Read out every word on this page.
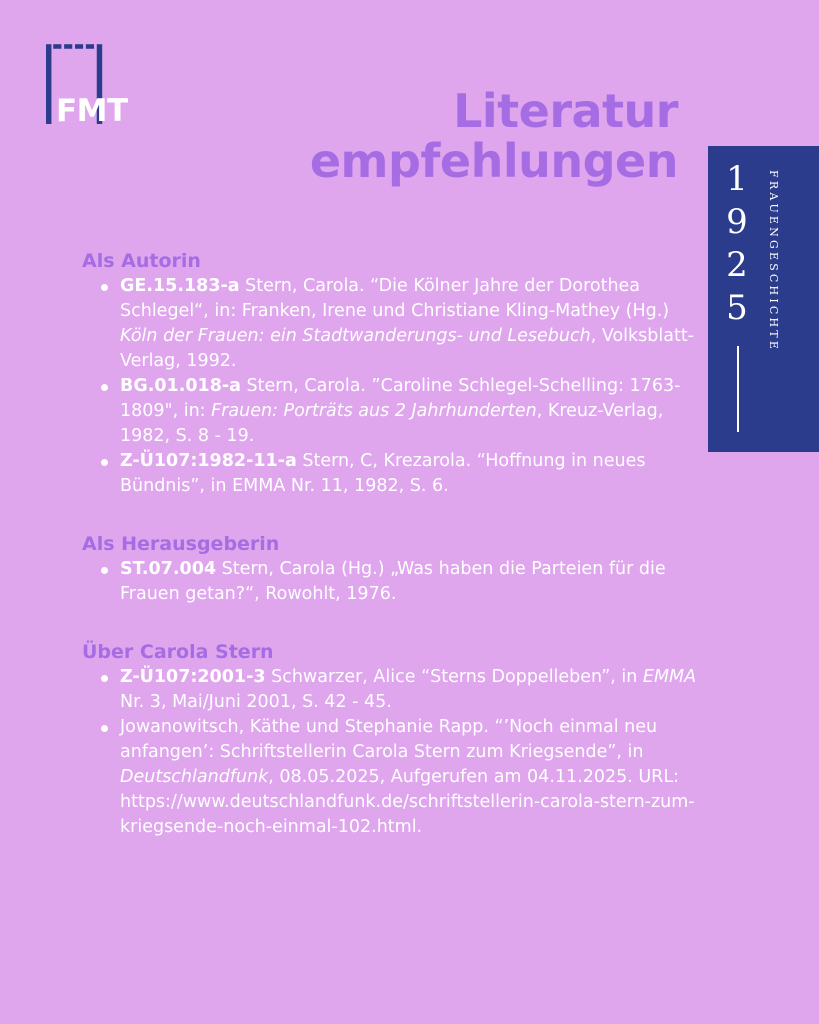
FMT	Literatur
empfehlungen 1
9
2
5	FRAUENGESCHICHTE
Als Autorin
GE.15.183-a Stern, Carola. “Die Kölner Jahre der Dorothea Schlegel“, in: Franken, Irene und Christiane Kling-Mathey (Hg.) Köln der Frauen: ein Stadtwanderungs- und Lesebuch, Volksblatt-Verlag, 1992.
BG.01.018-a Stern, Carola. ”Caroline Schlegel-Schelling: 1763-1809", in: Frauen: Porträts aus 2 Jahrhunderten, Kreuz-Verlag, 1982, S. 8 - 19.
Z-Ü107:1982-11-a Stern, C, Krezarola. “Hoffnung in neues Bündnis”, in EMMA Nr. 11, 1982, S. 6.
Als Herausgeberin
ST.07.004 Stern, Carola (Hg.) „Was haben die Parteien für die Frauen getan?“, Rowohlt, 1976.
Über Carola Stern
Z-Ü107:2001-3 Schwarzer, Alice “Sterns Doppelleben”, in EMMA Nr. 3, Mai/Juni 2001, S. 42 - 45.
Jowanowitsch, Käthe und Stephanie Rapp. “’Noch einmal neu anfangen’: Schriftstellerin Carola Stern zum Kriegsende”, in Deutschlandfunk, 08.05.2025, Aufgerufen am 04.11.2025. URL: https://www.deutschlandfunk.de/schriftstellerin-carola-stern-zum-kriegsende-noch-einmal-102.html.
